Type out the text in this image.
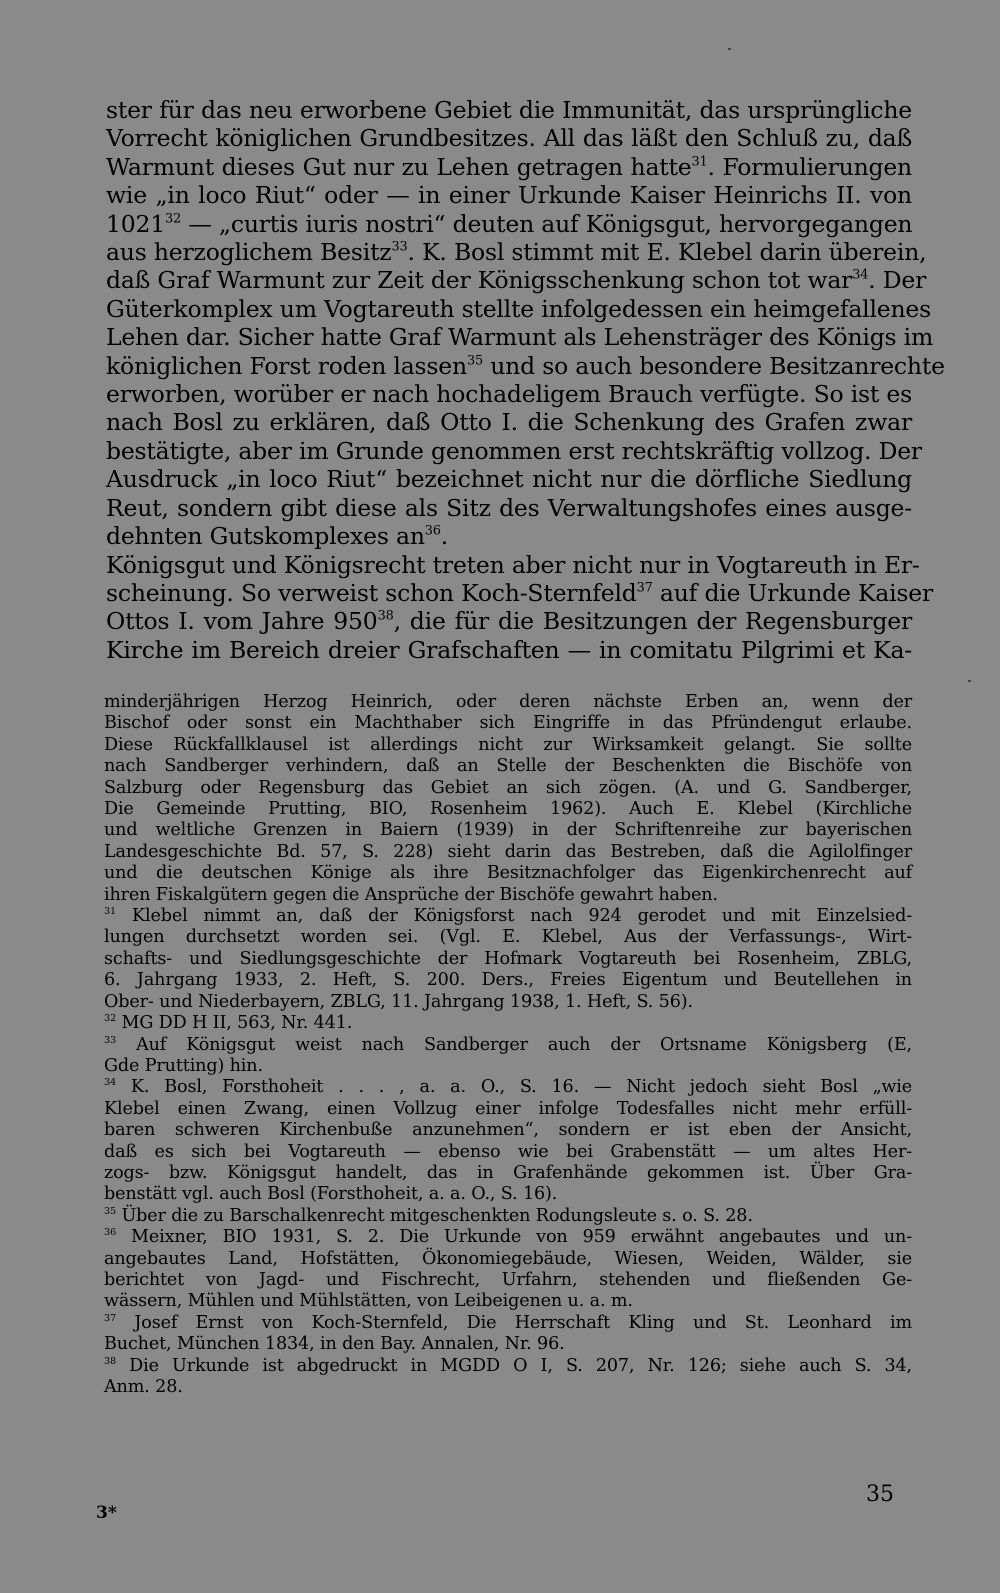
ster für das neu erworbene Gebiet die Immunität, das ursprüngliche
Vorrecht königlichen Grundbesitzes. All das läßt den Schluß zu, daß
Warmunt dieses Gut nur zu Lehen getragen hatte$^{31}$. Formulierungen
wie „in loco Riut“ oder — in einer Urkunde Kaiser Heinrichs II. von
1021$^{32}$ — „curtis iuris nostri“ deuten auf Königsgut, hervorgegangen
aus herzoglichem Besitz$^{33}$. K. Bosl stimmt mit E. Klebel darin überein,
daß Graf Warmunt zur Zeit der Königsschenkung schon tot war$^{34}$. Der
Güterkomplex um Vogtareuth stellte infolgedessen ein heimgefallenes
Lehen dar. Sicher hatte Graf Warmunt als Lehensträger des Königs im
königlichen Forst roden lassen$^{35}$ und so auch besondere Besitzanrechte
erworben, worüber er nach hochadeligem Brauch verfügte. So ist es
nach Bosl zu erklären, daß Otto I. die Schenkung des Grafen zwar
bestätigte, aber im Grunde genommen erst rechtskräftig vollzog. Der
Ausdruck „in loco Riut“ bezeichnet nicht nur die dörfliche Siedlung
Reut, sondern gibt diese als Sitz des Verwaltungshofes eines ausge-
dehnten Gutskomplexes $an^{36}$.
Königsgut und Königsrecht treten aber nicht nur in Vogtareuth in Er-
scheinung. So verweist schon Koch-Sternfeld$^{37}$ auf die Urkunde Kaiser
Ottos I. vom Jahre $950^{38}$, die für die Besitzungen der Regensburger
Kirche im Bereich dreier Grafschaften — in comitatu Pilgrimi et Ka-
minderjährigen Herzog Heinrich, oder deren nächste Erben an, wenn der
Bischof oder sonst ein Machthaber sich Eingriffe in das Pfründengut erlaube.
Diese Rückfallklausel ist allerdings nicht zur Wirksamkeit gelangt. Sie sollte
nach Sandberger verhindern, daß an Stelle der Beschenkten die Bischöfe von
Salzburg oder Regensburg das Gebiet an sich zögen. (A. und G. Sandberger,
Die Gemeinde Prutting, BIO, Rosenheim 1962). Auch E. Klebel (Kirchliche
und weltliche Grenzen in Baiern (1939) in der Schriftenreihe zur bayerischen
Landesgeschichte Bd. 57, S. 228) sieht darin das Bestreben, daß die Agilolfinger
und die deutschen Könige als ihre Besitznachfolger das Eigenkirchenrecht auf
ihren Fiskalgütern gegen die Ansprüche der Bischöfe gewahrt haben.
$^{31}$ Klebel nimmt an, daß der Königsforst nach 924 gerodet und mit Einzelsied-
lungen durchsetzt worden sei. (Vgl. E. Klebel, Aus der Verfassungs-, Wirt-
schafts- und Siedlungsgeschichte der Hofmark Vogtareuth bei Rosenheim, ZBLG,
6. Jahrgang 1933, 2. Heft, S. 200. Ders., Freies Eigentum und Beutellehen in
Ober- und Niederbayern, ZBLG, 11. Jahrgang 1938, 1. Heft, S. 56).
$^{32}$ MG DD H II, 563, Nr. 441.
$^{33}$ Auf Königsgut weist nach Sandberger auch der Ortsname Königsberg (E,
Gde Prutting) hin.
$^{34}$ K. Bosl, Forsthoheit . . . , a. a. O., S. 16. — Nicht jedoch sieht Bosl „wie
Klebel einen Zwang, einen Vollzug einer infolge Todesfalles nicht mehr erfüll-
baren schweren Kirchenbuße anzunehmen“, sondern er ist eben der Ansicht,
daß es sich bei Vogtareuth — ebenso wie bei Grabenstätt — um altes Her-
zogs- bzw. Königsgut handelt, das in Grafenhände gekommen ist. Über Gra-
benstätt vgl. auch Bosl (Forsthoheit, a. a. O., S. 16).
$^{35}$ Über die zu Barschalkenrecht mitgeschenkten Rodungsleute s. o. S. 28.
$^{36}$ Meixner, BIO 1931, S. 2. Die Urkunde von 959 erwähnt angebautes und un-
angebautes Land, Hofstätten, Ökonomiegebäude, Wiesen, Weiden, Wälder, sie
berichtet von Jagd- und Fischrecht, Urfahrn, stehenden und fließenden Ge-
wässern, Mühlen und Mühlstätten, von Leibeigenen u. a. m.
$^{37}$ Josef Ernst von Koch-Sternfeld, Die Herrschaft Kling und St. Leonhard im
Buchet, München 1834, in den Bay. Annalen, Nr. 96.
$^{38}$ Die Urkunde ist abgedruckt in MGDD O I, S. 207, Nr. 126; siehe auch S. 34,
Anm. 28.
35
3*
